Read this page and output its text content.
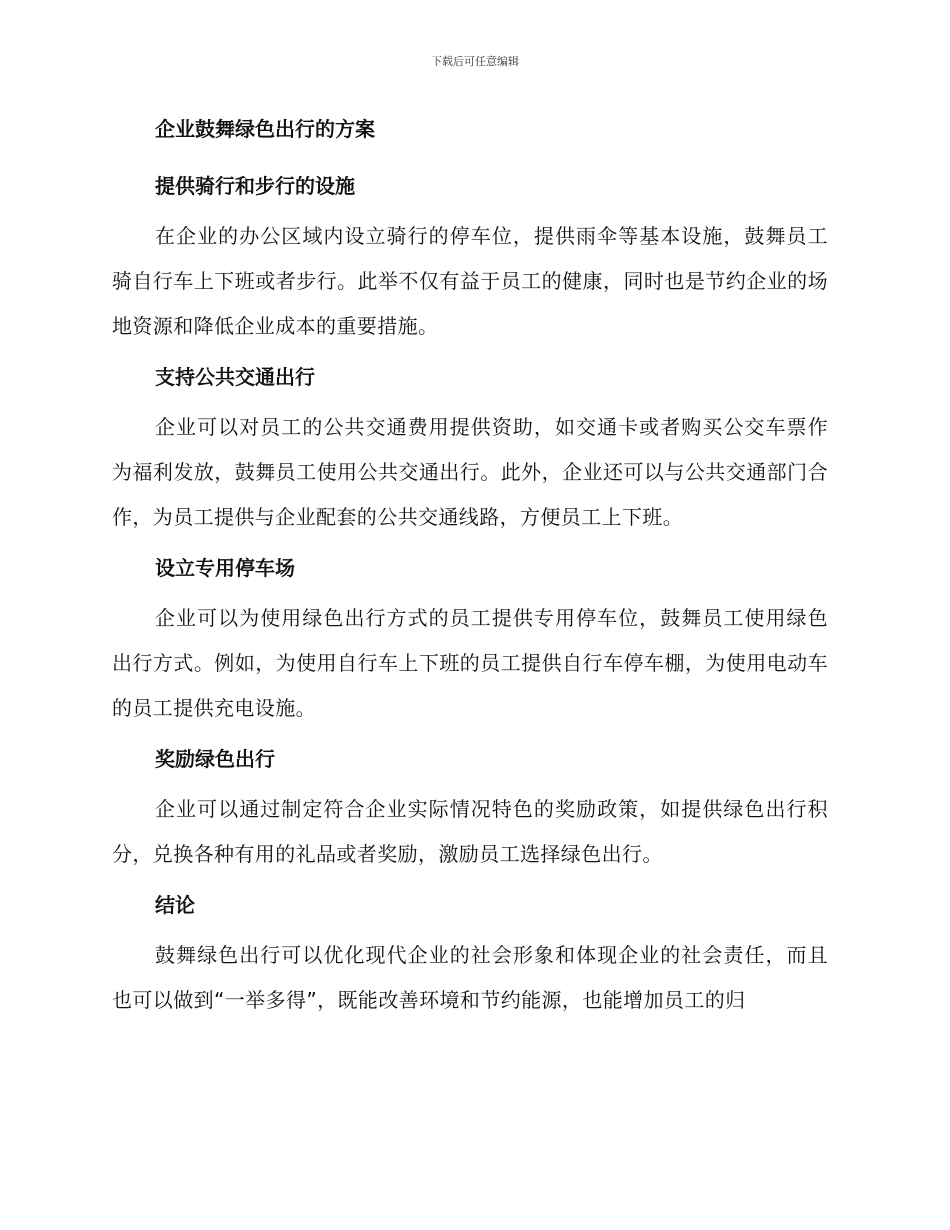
下载后可任意编辑
企业鼓舞绿色出行的方案
提供骑行和步行的设施

在企业的办公区域内设立骑行的停车位，提供雨伞等基本设施，鼓舞员工骑自行车上下班或者步行。此举不仅有益于员工的健康，同时也是节约企业的场地资源和降低企业成本的重要措施。

支持公共交通出行

企业可以对员工的公共交通费用提供资助，如交通卡或者购买公交车票作为福利发放，鼓舞员工使用公共交通出行。此外，企业还可以与公共交通部门合作，为员工提供与企业配套的公共交通线路，方便员工上下班。

设立专用停车场

企业可以为使用绿色出行方式的员工提供专用停车位，鼓舞员工使用绿色出行方式。例如，为使用自行车上下班的员工提供自行车停车棚，为使用电动车的员工提供充电设施。

奖励绿色出行

企业可以通过制定符合企业实际情况特色的奖励政策，如提供绿色出行积分，兑换各种有用的礼品或者奖励，激励员工选择绿色出行。

结论

鼓舞绿色出行可以优化现代企业的社会形象和体现企业的社会责任，而且也可以做到“一举多得”，既能改善环境和节约能源，也能增加员工的归
